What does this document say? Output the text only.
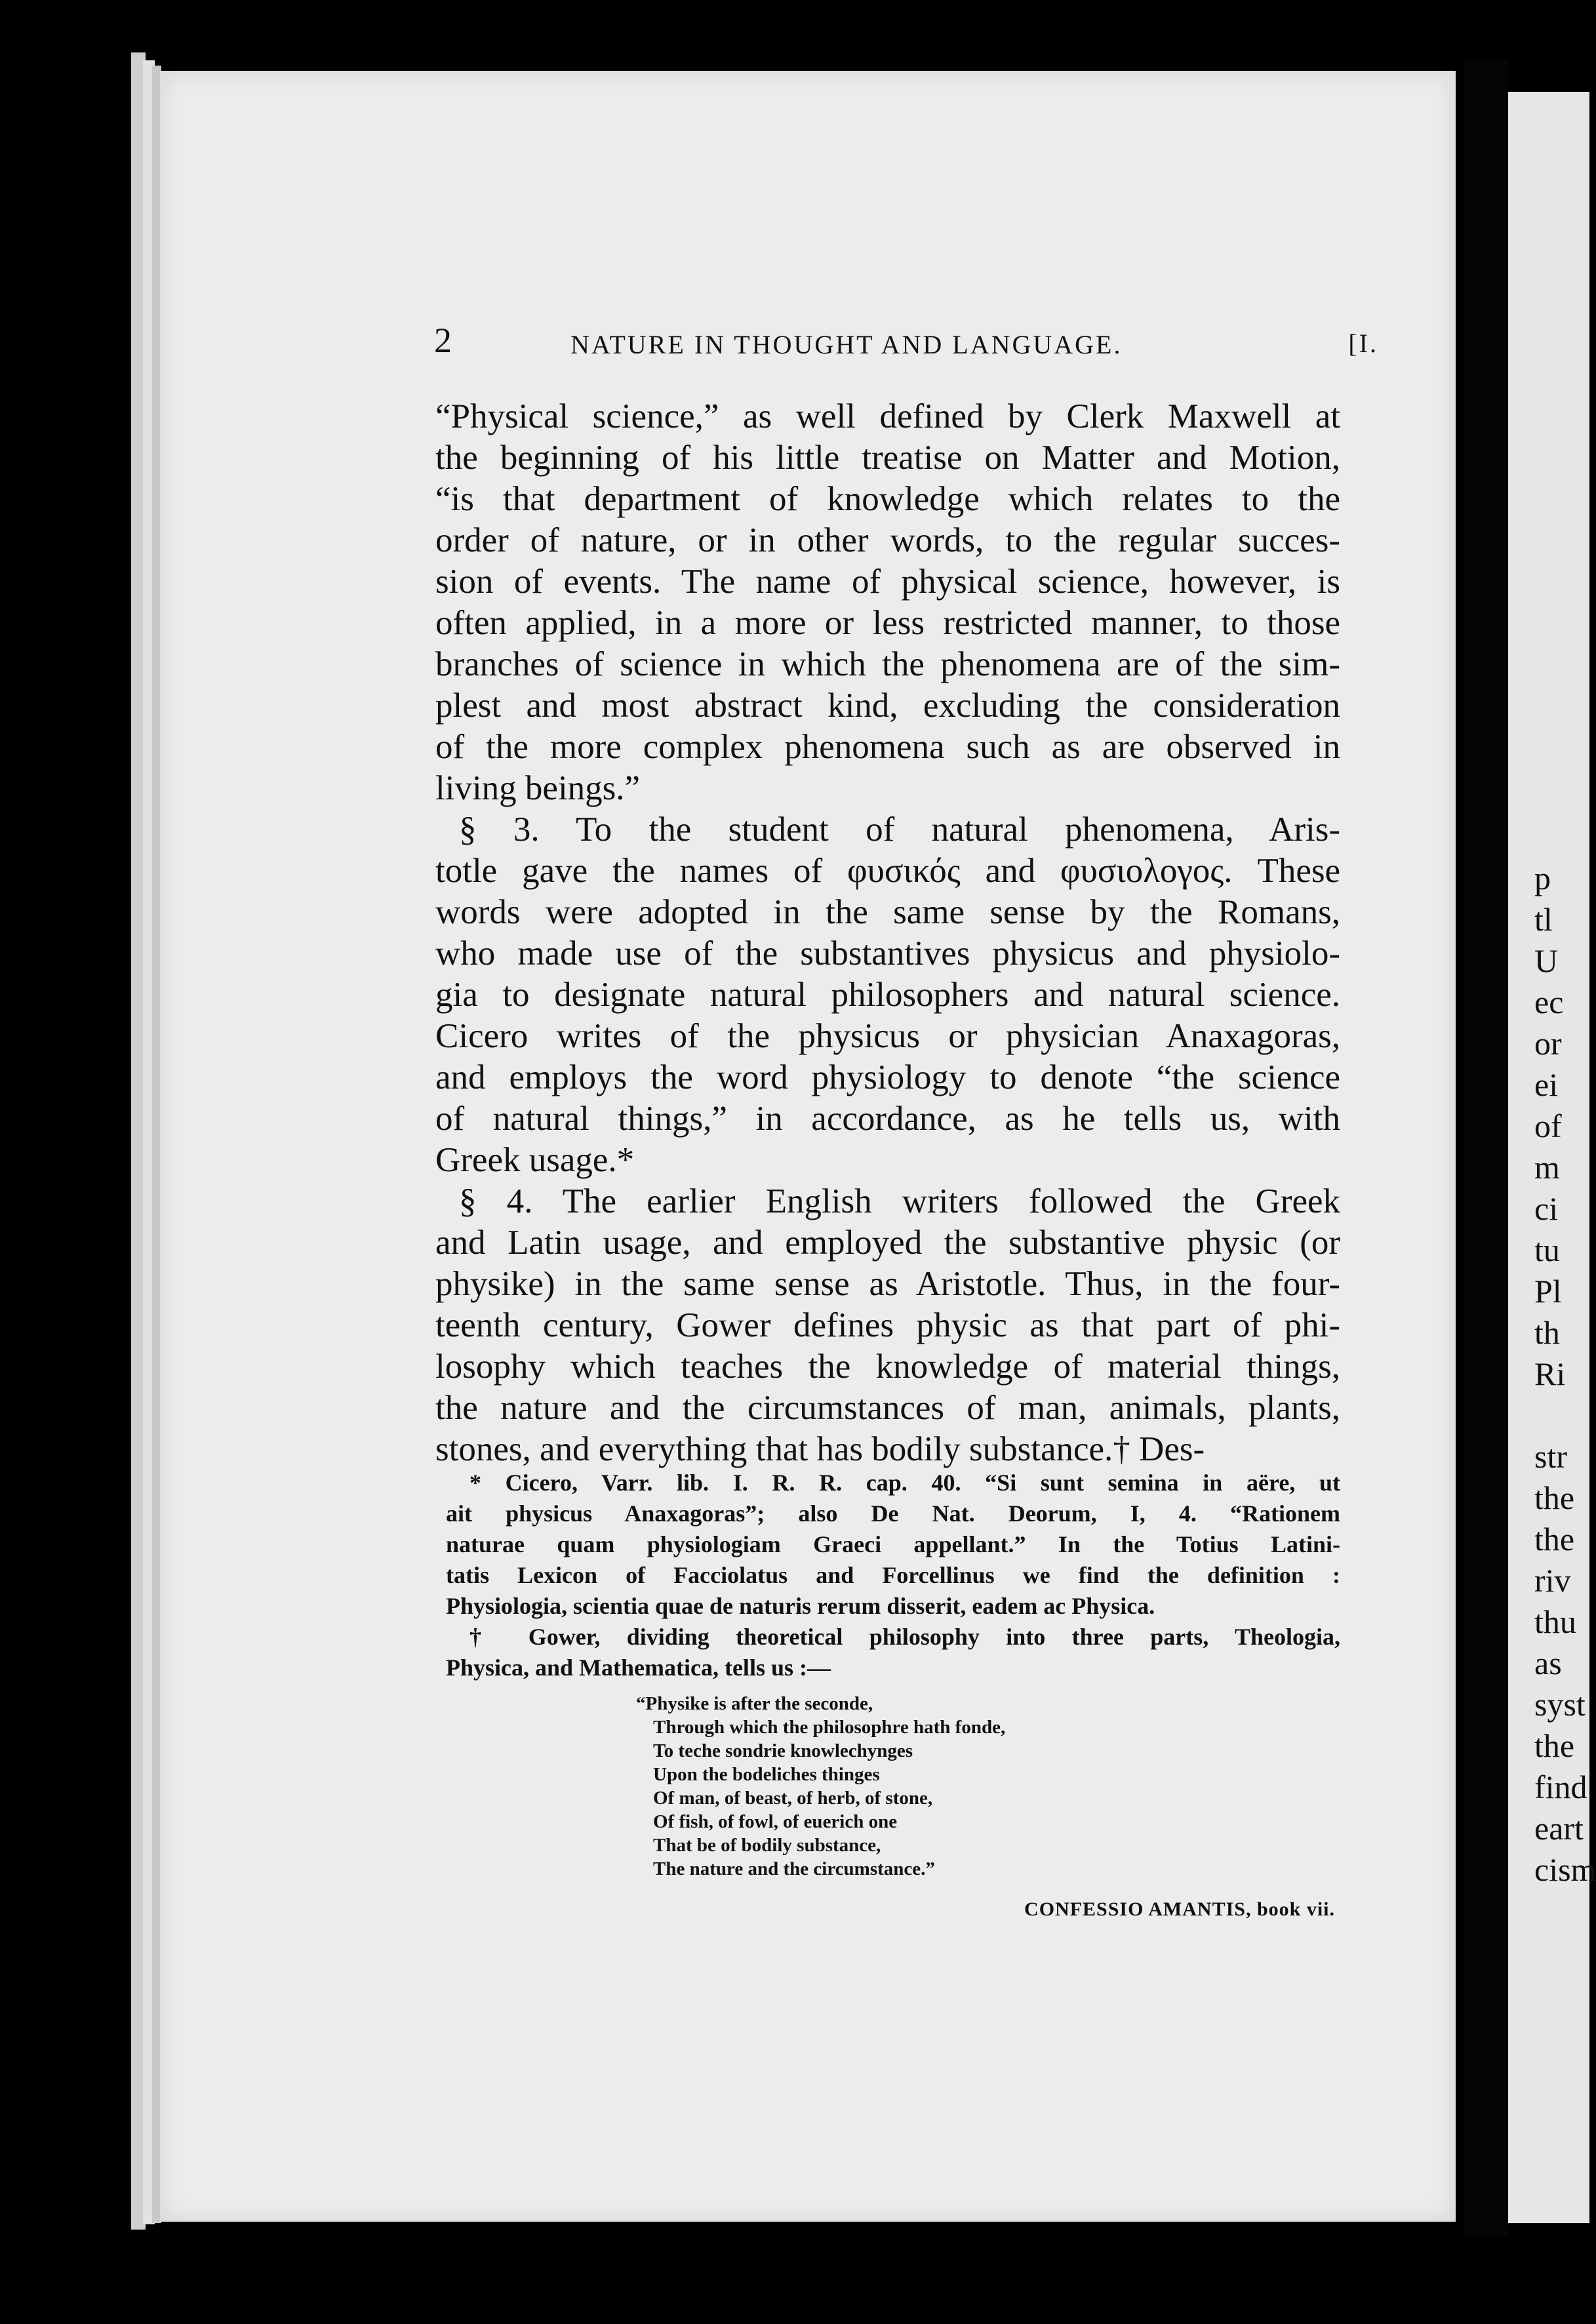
p
tl
U
ec
or
ei
of
m
ci
tu
Pl
th
Ri
str
the
the
riv
thu
as
syst
the
find
eart
cism
2	NATURE IN THOUGHT AND LANGUAGE.	[I.
“Physical science,” as well defined by Clerk Maxwell at
the beginning of his little treatise on Matter and Motion,
“is that department of knowledge which relates to the
order of nature, or in other words, to the regular succes-
sion of events. The name of physical science, however, is
often applied, in a more or less restricted manner, to those
branches of science in which the phenomena are of the sim-
plest and most abstract kind, excluding the consideration
of the more complex phenomena such as are observed in
living beings.”
§ 3. To the student of natural phenomena, Aris-
totle gave the names of φυσικός and φυσιολογος. These
words were adopted in the same sense by the Romans,
who made use of the substantives physicus and physiolo-
gia to designate natural philosophers and natural science.
Cicero writes of the physicus or physician Anaxagoras,
and employs the word physiology to denote “the science
of natural things,” in accordance, as he tells us, with
Greek usage.*
§ 4. The earlier English writers followed the Greek
and Latin usage, and employed the substantive physic (or
physike) in the same sense as Aristotle. Thus, in the four-
teenth century, Gower defines physic as that part of phi-
losophy which teaches the knowledge of material things,
the nature and the circumstances of man, animals, plants,
stones, and everything that has bodily substance.† Des-
* Cicero, Varr. lib. I. R. R. cap. 40. “Si sunt semina in aëre, ut
ait physicus Anaxagoras”; also De Nat. Deorum, I, 4. “Rationem
naturae quam physiologiam Graeci appellant.” In the Totius Latini-
tatis Lexicon of Facciolatus and Forcellinus we find the definition :
Physiologia, scientia quae de naturis rerum disserit, eadem ac Physica.
† Gower, dividing theoretical philosophy into three parts, Theologia,
Physica, and Mathematica, tells us :—
“Physike is after the seconde,
Through which the philosophre hath fonde,
To teche sondrie knowlechynges
Upon the bodeliches thinges
Of man, of beast, of herb, of stone,
Of fish, of fowl, of euerich one
That be of bodily substance,
The nature and the circumstance.”
CONFESSIO AMANTIS, book vii.
